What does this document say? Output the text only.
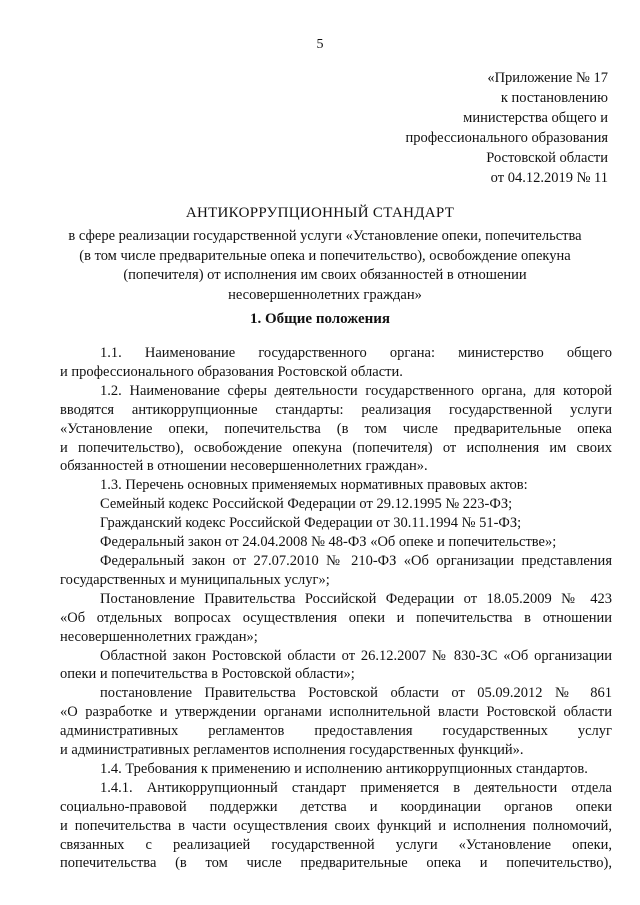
5
«Приложение № 17
к постановлению
министерства общего и
профессионального образования
Ростовской области
от 04.12.2019 № 11
АНТИКОРРУПЦИОННЫЙ СТАНДАРТ
в сфере реализации государственной услуги «Установление опеки, попечительства
(в том числе предварительные опека и попечительство), освобождение опекуна
(попечителя) от исполнения им своих обязанностей в отношении
несовершеннолетних граждан»
1. Общие положения
1.1. Наименование государственного органа: министерство общего
и профессионального образования Ростовской области.
1.2. Наименование сферы деятельности государственного органа, для которой
вводятся антикоррупционные стандарты: реализация государственной услуги
«Установление опеки, попечительства (в том числе предварительные опека
и попечительство), освобождение опекуна (попечителя) от исполнения им своих
обязанностей в отношении несовершеннолетних граждан».
1.3. Перечень основных применяемых нормативных правовых актов:
Семейный кодекс Российской Федерации от 29.12.1995 № 223-ФЗ;
Гражданский кодекс Российской Федерации от 30.11.1994 № 51-ФЗ;
Федеральный закон от 24.04.2008 № 48-ФЗ «Об опеке и попечительстве»;
Федеральный закон от 27.07.2010 № 210-ФЗ «Об организации представления
государственных и муниципальных услуг»;
Постановление Правительства Российской Федерации от 18.05.2009 № 423
«Об отдельных вопросах осуществления опеки и попечительства в отношении
несовершеннолетних граждан»;
Областной закон Ростовской области от 26.12.2007 № 830-ЗС «Об организации
опеки и попечительства в Ростовской области»;
постановление Правительства Ростовской области от 05.09.2012 № 861
«О разработке и утверждении органами исполнительной власти Ростовской области
административных регламентов предоставления государственных услуг
и административных регламентов исполнения государственных функций».
1.4. Требования к применению и исполнению антикоррупционных стандартов.
1.4.1. Антикоррупционный стандарт применяется в деятельности отдела
социально-правовой поддержки детства и координации органов опеки
и попечительства в части осуществления своих функций и исполнения полномочий,
связанных с реализацией государственной услуги «Установление опеки,
попечительства (в том числе предварительные опека и попечительство),
